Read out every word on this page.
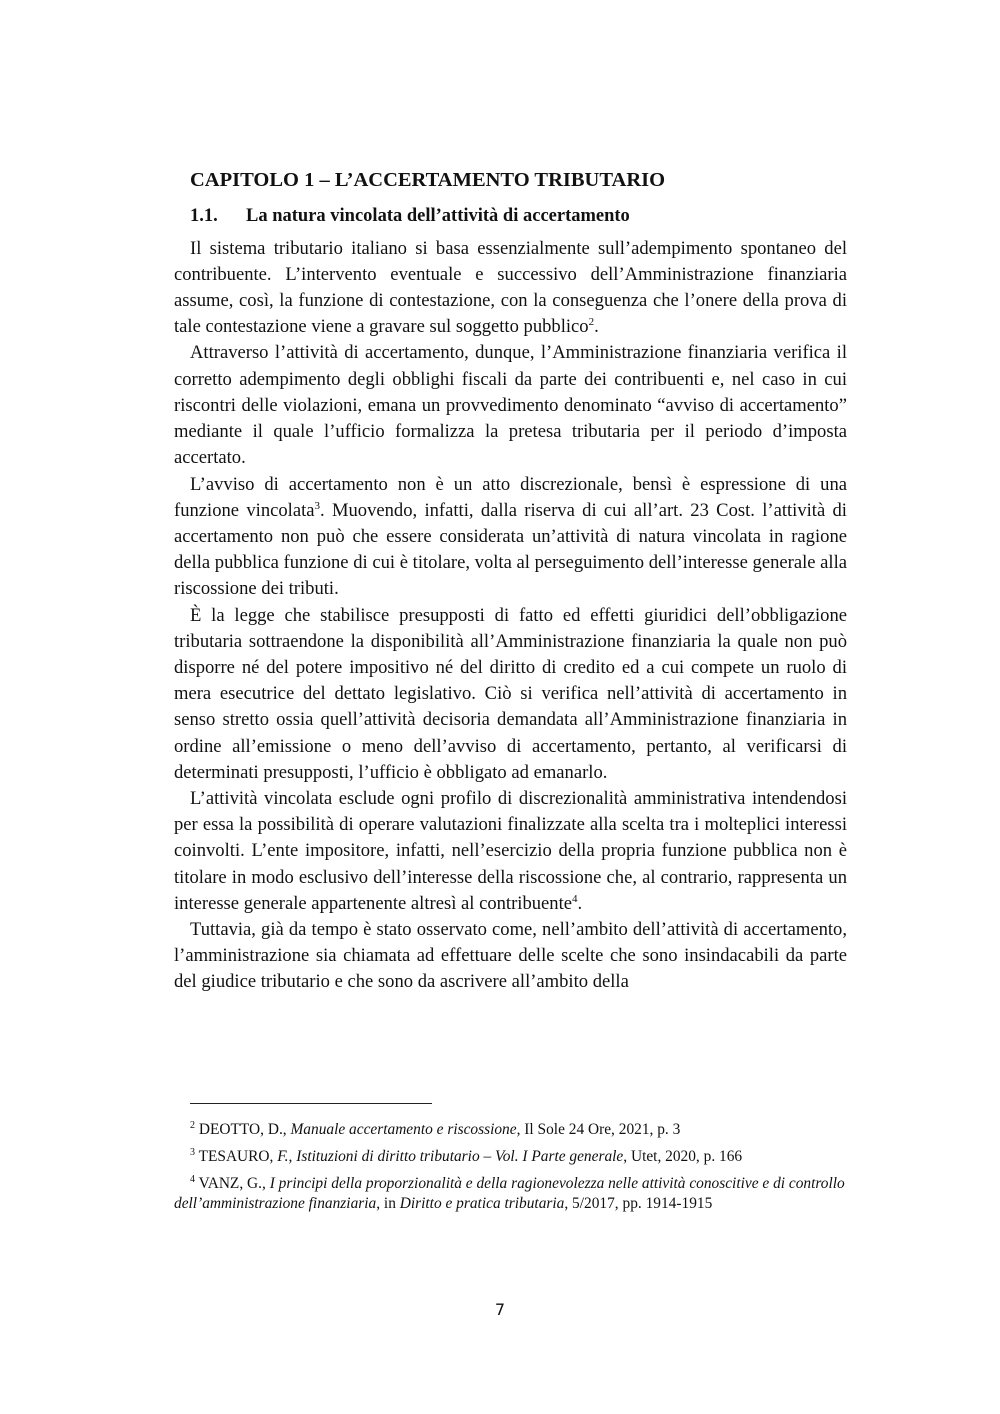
CAPITOLO 1 – L’ACCERTAMENTO TRIBUTARIO
1.1. La natura vincolata dell’attività di accertamento

Il sistema tributario italiano si basa essenzialmente sull’adempimento spontaneo del contribuente. L’intervento eventuale e successivo dell’Amministrazione finanziaria assume, così, la funzione di contestazione, con la conseguenza che l’onere della prova di tale contestazione viene a gravare sul soggetto pubblico$^2$.

Attraverso l’attività di accertamento, dunque, l’Amministrazione finanziaria verifica il corretto adempimento degli obblighi fiscali da parte dei contribuenti e, nel caso in cui riscontri delle violazioni, emana un provvedimento denominato “avviso di accertamento” mediante il quale l’ufficio formalizza la pretesa tributaria per il periodo d’imposta accertato.

L’avviso di accertamento non è un atto discrezionale, bensì è espressione di una funzione vincolata$^3$. Muovendo, infatti, dalla riserva di cui all’art. 23 Cost. l’attività di accertamento non può che essere considerata un’attività di natura vincolata in ragione della pubblica funzione di cui è titolare, volta al perseguimento dell’interesse generale alla riscossione dei tributi.

È la legge che stabilisce presupposti di fatto ed effetti giuridici dell’obbligazione tributaria sottraendone la disponibilità all’Amministrazione finanziaria la quale non può disporre né del potere impositivo né del diritto di credito ed a cui compete un ruolo di mera esecutrice del dettato legislativo. Ciò si verifica nell’attività di accertamento in senso stretto ossia quell’attività decisoria demandata all’Amministrazione finanziaria in ordine all’emissione o meno dell’avviso di accertamento, pertanto, al verificarsi di determinati presupposti, l’ufficio è obbligato ad emanarlo.

L’attività vincolata esclude ogni profilo di discrezionalità amministrativa intendendosi per essa la possibilità di operare valutazioni finalizzate alla scelta tra i molteplici interessi coinvolti. L’ente impositore, infatti, nell’esercizio della propria funzione pubblica non è titolare in modo esclusivo dell’interesse della riscossione che, al contrario, rappresenta un interesse generale appartenente altresì al contribuente$^4$.

Tuttavia, già da tempo è stato osservato come, nell’ambito dell’attività di accertamento, l’amministrazione sia chiamata ad effettuare delle scelte che sono insindacabili da parte del giudice tributario e che sono da ascrivere all’ambito della

$^2$ DEOTTO, D., Manuale accertamento e riscossione, Il Sole 24 Ore, 2021, p. 3

$^3$ TESAURO, F., Istituzioni di diritto tributario – Vol. I Parte generale, Utet, 2020, p. 166

$^4$ VANZ, G., I principi della proporzionalità e della ragionevolezza nelle attività conoscitive e di controllo dell’amministrazione finanziaria, in Diritto e pratica tributaria, 5/2017, pp. 1914-1915

7
